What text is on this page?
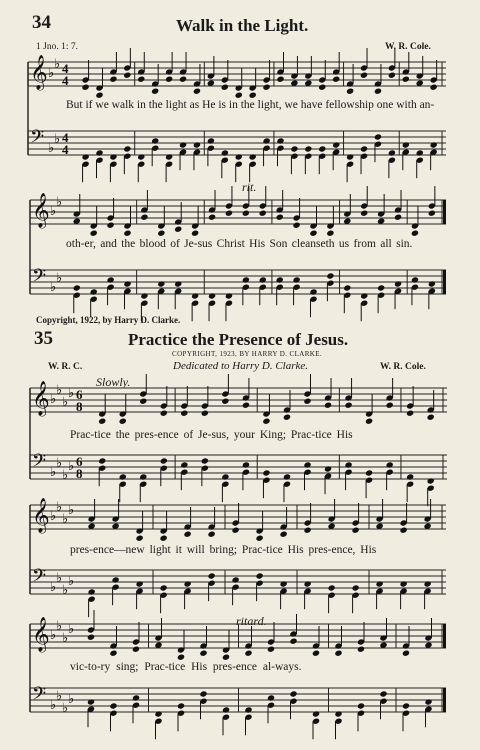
34	Walk in the Light.
1 Jno. 1: 7.	W. R. Cole.
rit.
But if we walk in the light as He is in the light, we have fellowship one with an-
oth-er, and the blood of Je-sus Christ His Son cleanseth us from all sin.
Copyright, 1922, by Harry D. Clarke.
35	Practice the Presence of Jesus.
COPYRIGHT, 1923, BY HARRY D. CLARKE.
W. R. C.	Dedicated to Harry D. Clarke.	W. R. Cole.
Slowly.
ritard.
Prac-tice the pres-ence of Je-sus, your King; Prac-tice His
pres-ence—new light it will bring; Prac-tice His pres-ence, His
vic-to-ry sing; Prac-tice His pres-ence al-ways.
𝄞 ♭
♭ 4
4
𝄢 ♭
♭ 4
4
𝄞 ♭
♭
𝄢 ♭
♭
𝄞 ♭
♭
♭
♭ 6
8
𝄢 ♭
♭
♭
♭ 6
8
𝄞 ♭
♭
♭
♭
𝄢 ♭
♭
♭
♭
𝄞 ♭
♭
♭
♭
𝄢 ♭
♭
♭
♭
